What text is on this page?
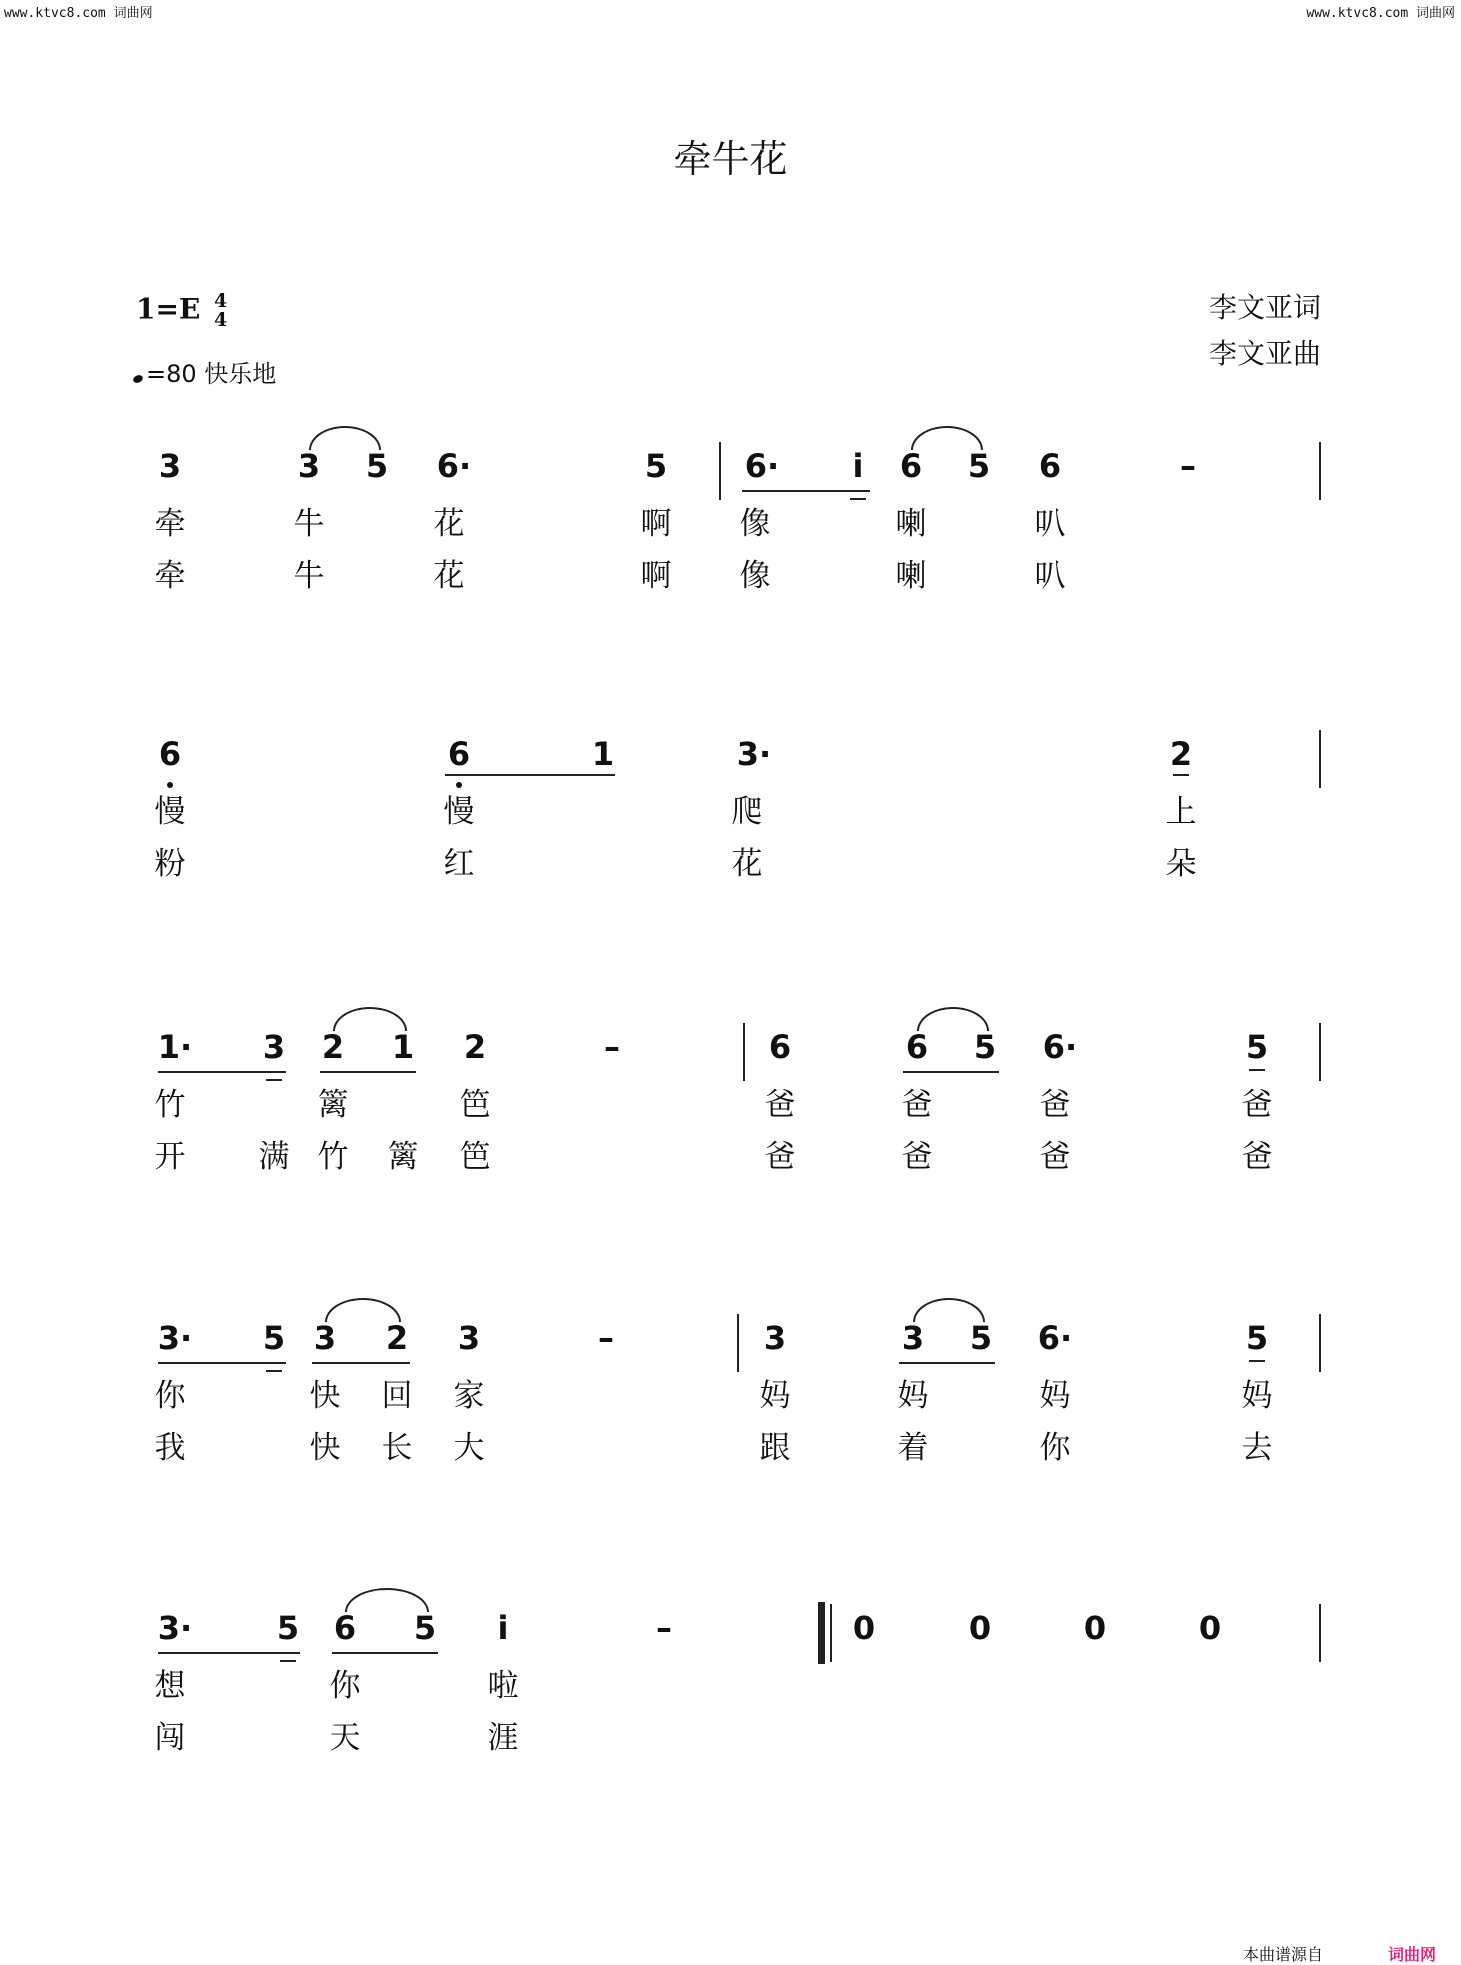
www.ktvc8.com 词曲网	www.ktvc8.com 词曲网
牵牛花
1=E 4
4
=80 快乐地
李文亚词
李文亚曲
3	3 5 6·	5 6· i 6 5 6	–
牵	牛	花	啊 像	喇	叭
牵	牛	花	啊 像	喇	叭
6	6	1	3·	2
慢	慢	爬	上
粉	红	花	朵
1· 3 2 1 2	–	6	6 5 6·	5
竹	篱	笆	爸	爸	爸	爸
开 满 竹 篱 笆	爸	爸	爸	爸
3· 5 3 2 3	–	3	3 5 6·	5
你	快 回 家	妈	妈	妈	妈
我	快 长 大	跟	着	你	去
3·	5 6 5 i	–	0	0	0	0
想	你	啦
闯	天	涯
本曲谱源自	词曲网
